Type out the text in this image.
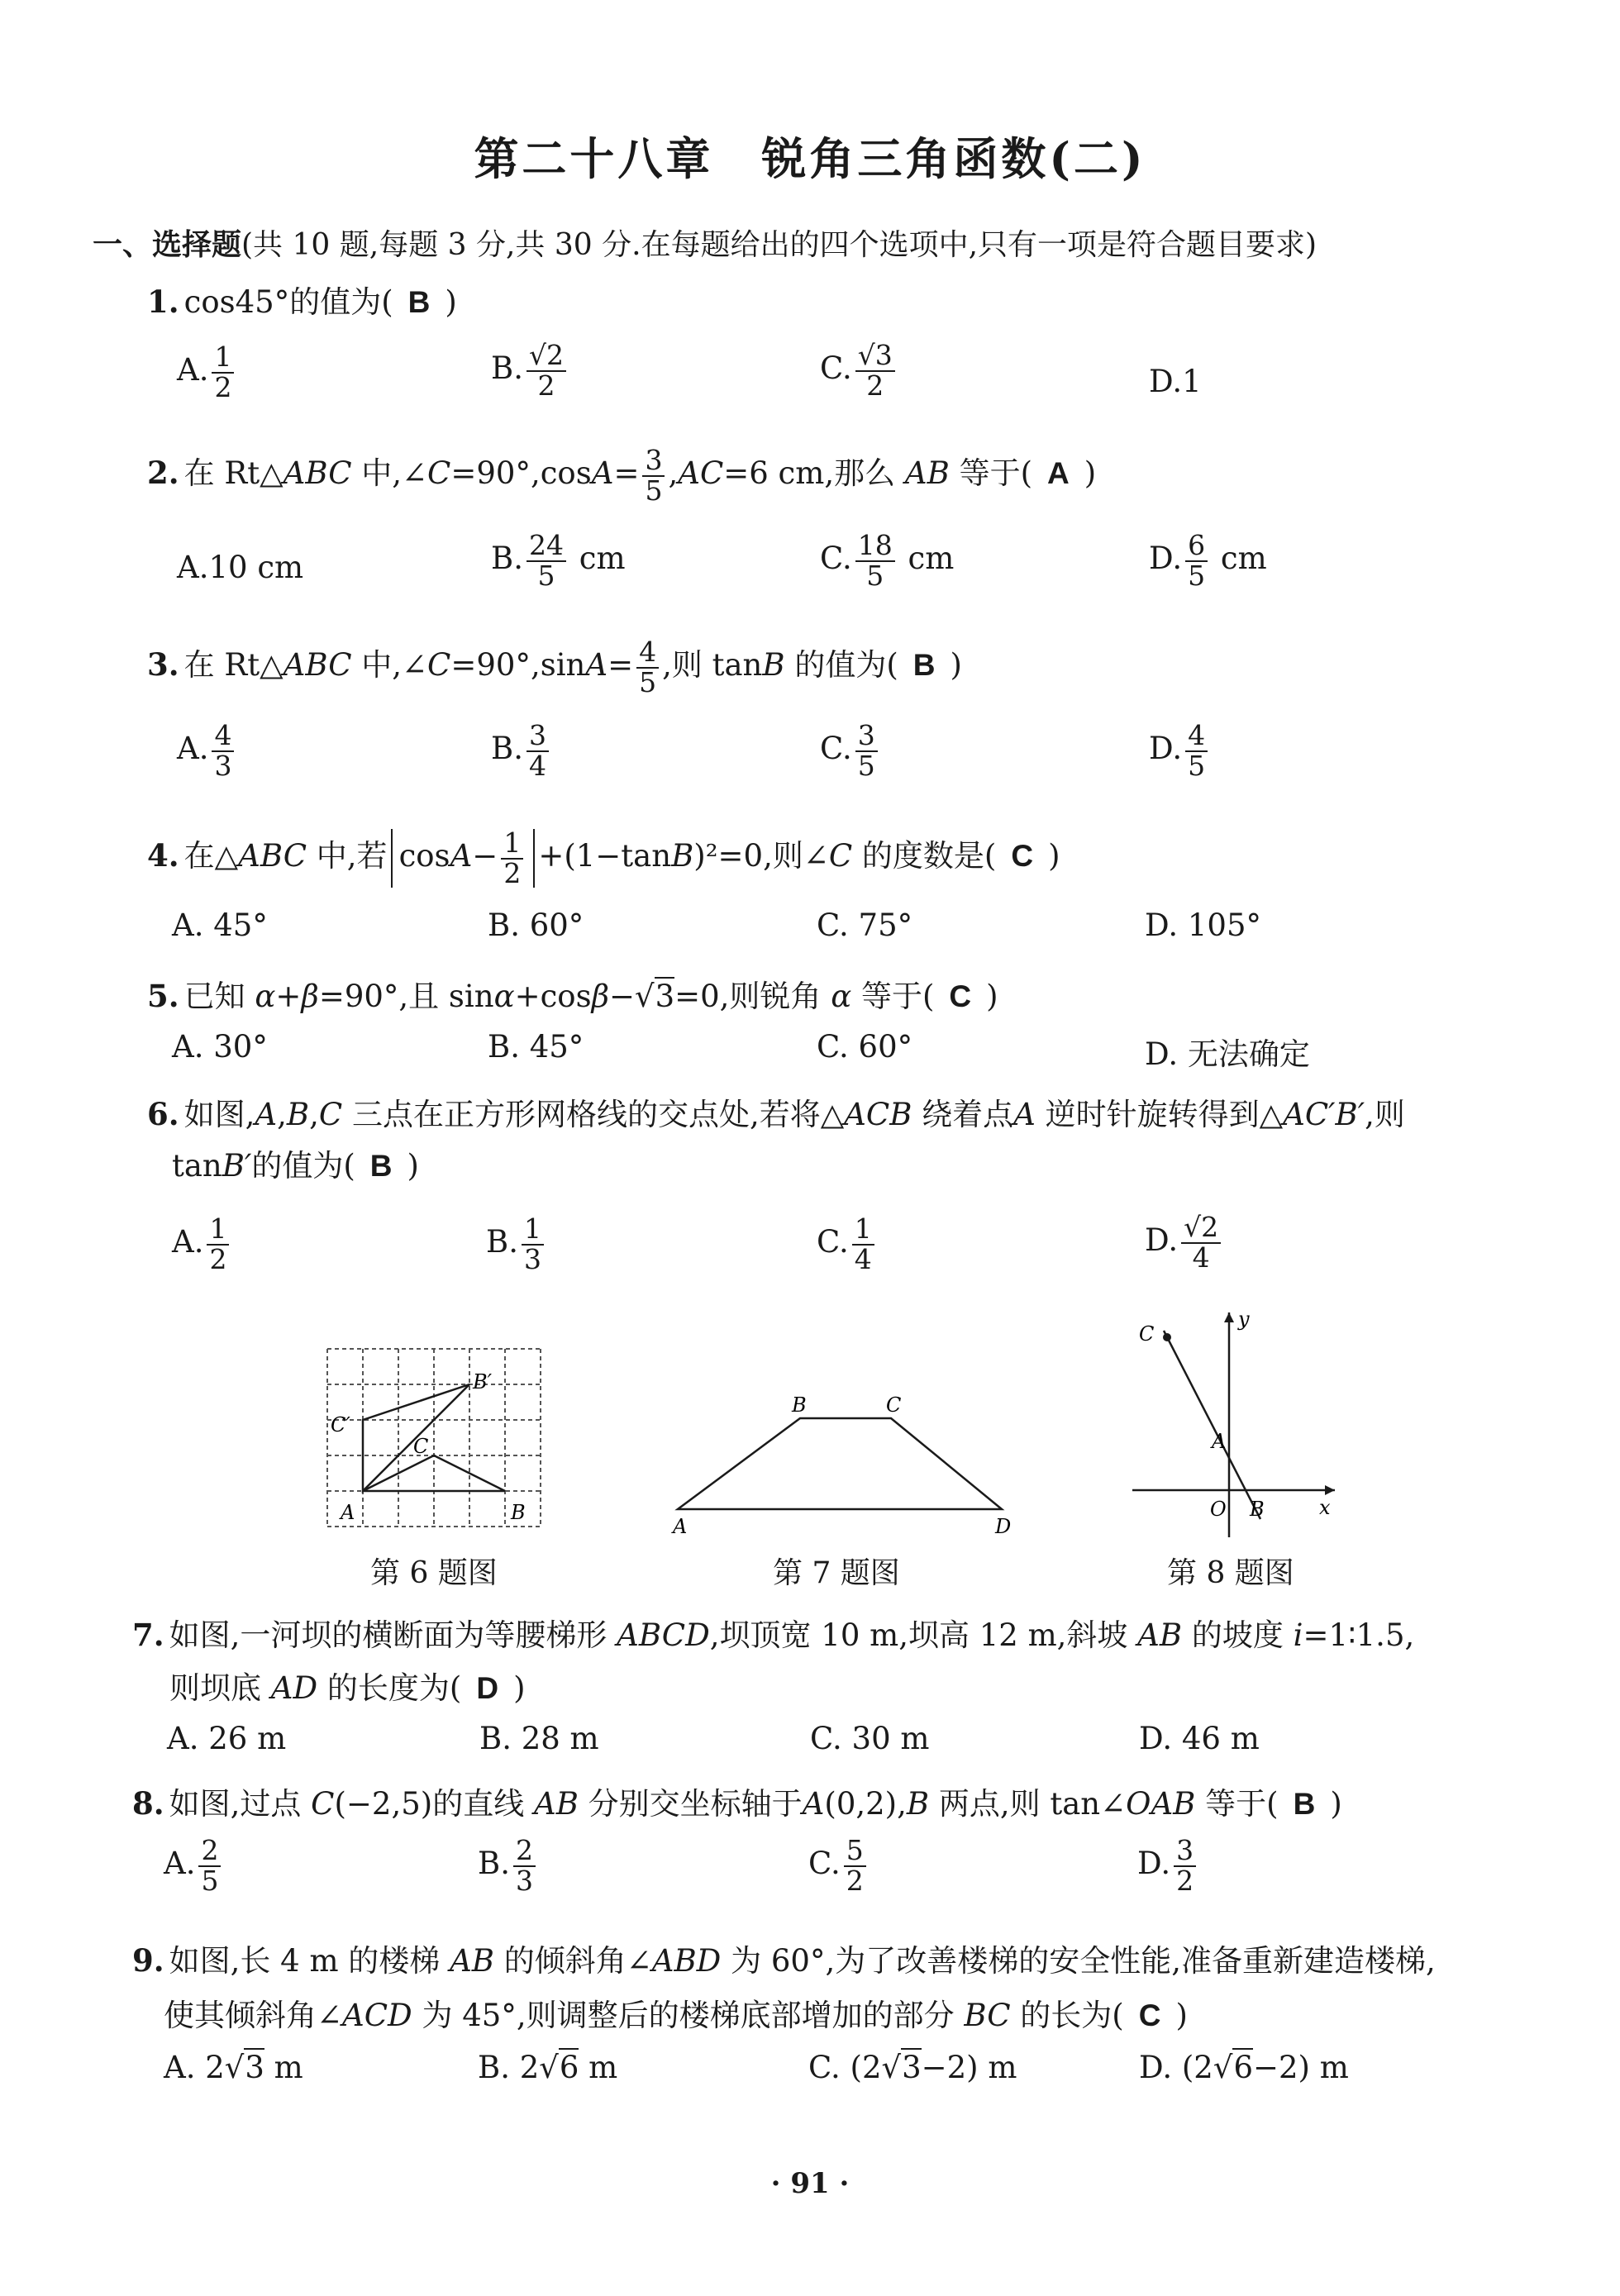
第二十八章　锐角三角函数(二)
一、选择题(共 10 题,每题 3 分,共 30 分.在每题给出的四个选项中,只有一项是符合题目要求)
1. cos45°的值为( B )
A. $\frac{1}{2}$	B. $\frac{√2}{2}$	C. $\frac{√3}{2}$	D.1
2. 在 Rt△ABC 中,∠C=90°,cosA= $\frac{3}{5} ,AC=6$ cm,那么 AB 等于( A )
A.10 cm	B. $\frac{24}{5}$ cm	C. $\frac{18}{5}$ cm	D. $\frac{6}{5}$ cm
3. 在 Rt△ABC 中,∠C=90°,sinA= $\frac{4}{5}$ ,则 tanB 的值为( B )
A. $\frac{4}{3}$	B. $\frac{3}{4}$	C. $\frac{3}{5}$	D. $\frac{4}{5}$
4. 在△ABC 中,若 $\cos A- \frac{1}{2} +(1-\tan B)^2=0$,则∠C 的度数是( C )
A. 45°	B. 60°	C. 75°	D. 105°
5. 已知 α+β=90°,且 sinα+cosβ−√3=0,则锐角 α 等于( C )
A. 30°	B. 45°	C. 60°	D. 无法确定
6. 如图,A,B,C 三点在正方形网格线的交点处,若将△ACB 绕着点A 逆时针旋转得到△AC′B′,则
tanB′的值为( B )
A. $\frac{1}{2}$	B. $\frac{1}{3}$	C. $\frac{1}{4}$	D. $\frac{√2}{4}$
A	B
C
B′
C′
第 6 题图
A
B	C
D
第 7 题图
C
A
O B	x
y
第 8 题图
7. 如图,一河坝的横断面为等腰梯形 ABCD,坝顶宽 10 m,坝高 12 m,斜坡 AB 的坡度 i=1∶1.5,
则坝底 AD 的长度为( D )
A. 26 m	B. 28 m	C. 30 m	D. 46 m
8. 如图,过点 C(−2,5)的直线 AB 分别交坐标轴于A(0,2),B 两点,则 tan∠OAB 等于( B )
A. $\frac{2}{5}$	B. $\frac{2}{3}$	C. $\frac{5}{2}$	D. $\frac{3}{2}$
9. 如图,长 4 m 的楼梯 AB 的倾斜角∠ABD 为 60°,为了改善楼梯的安全性能,准备重新建造楼梯,
使其倾斜角∠ACD 为 45°,则调整后的楼梯底部增加的部分 BC 的长为( C )
A. 2√3 m	B. 2√6 m	C. (2√3−2) m	D. (2√6−2) m
· 91 ·
